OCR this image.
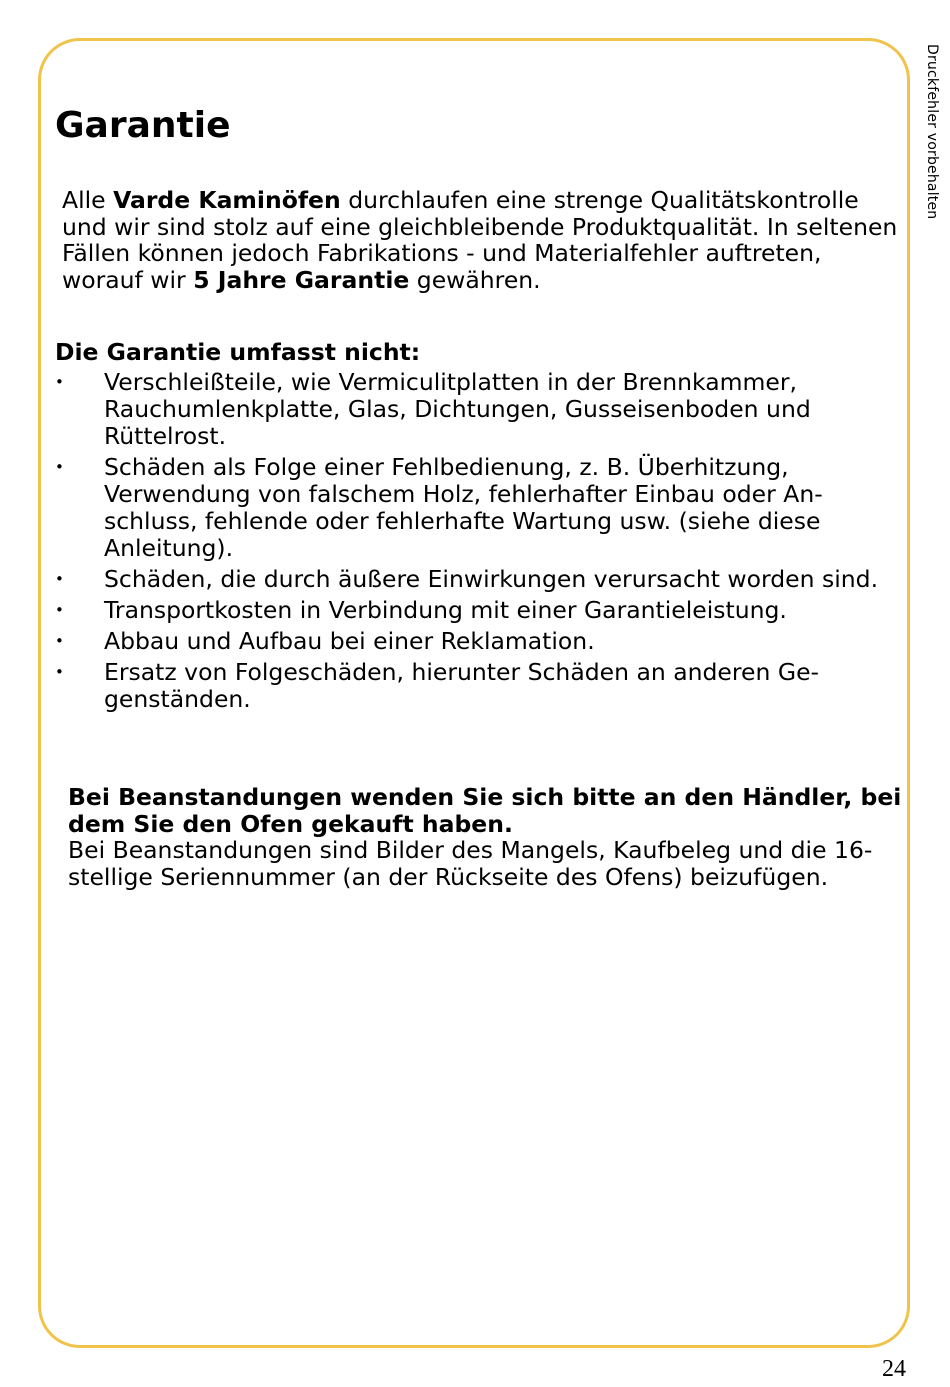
Druckfehler vorbehalten
Garantie

Alle Varde Kaminöfen durchlaufen eine strenge Qualitätskontrolle und wir sind stolz auf eine gleichbleibende Produktqualität. In seltenen Fällen können jedoch Fabrikations - und Materialfehler auftreten, worauf wir 5 Jahre Garantie gewähren.

Die Garantie umfasst nicht:
• Verschleißteile, wie Vermiculitplatten in der Brennkammer, Rauchumlenkplatte, Glas, Dichtungen, Gusseisenboden und Rüttelrost.
• Schäden als Folge einer Fehlbedienung, z. B. Überhitzung, Verwendung von falschem Holz, fehlerhafter Einbau oder Anschluss, fehlende oder fehlerhafte Wartung usw. (siehe diese Anleitung).
• Schäden, die durch äußere Einwirkungen verursacht worden sind.
• Transportkosten in Verbindung mit einer Garantieleistung.
• Abbau und Aufbau bei einer Reklamation.
• Ersatz von Folgeschäden, hierunter Schäden an anderen Gegenständen.

Bei Beanstandungen wenden Sie sich bitte an den Händler, bei dem Sie den Ofen gekauft haben.

Bei Beanstandungen sind Bilder des Mangels, Kaufbeleg und die 16-stellige Seriennummer (an der Rückseite des Ofens) beizufügen.

24
